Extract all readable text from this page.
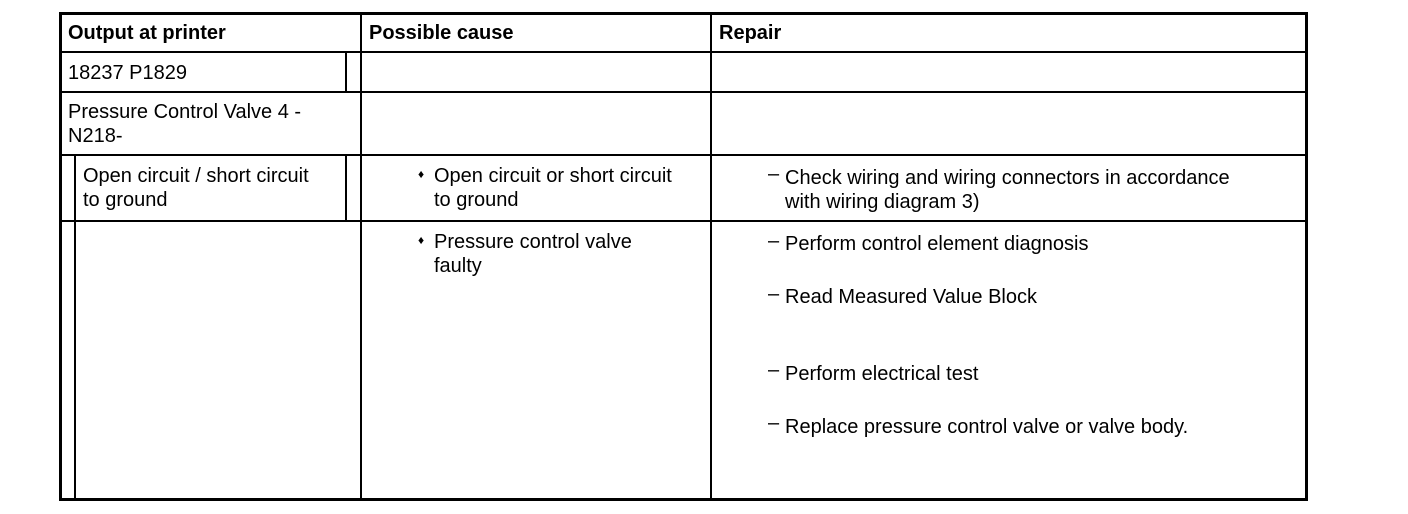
Output at printer	Possible cause	Repair
18237 P1829
Pressure Control Valve 4 -
N218-
Open circuit / short circuit
to ground
♦ Open circuit or short circuit
to ground
– Check wiring and wiring connectors in accordance
with wiring diagram 3)
♦ Pressure control valve
faulty
– Perform control element diagnosis
– Read Measured Value Block
– Perform electrical test
– Replace pressure control valve or valve body.
